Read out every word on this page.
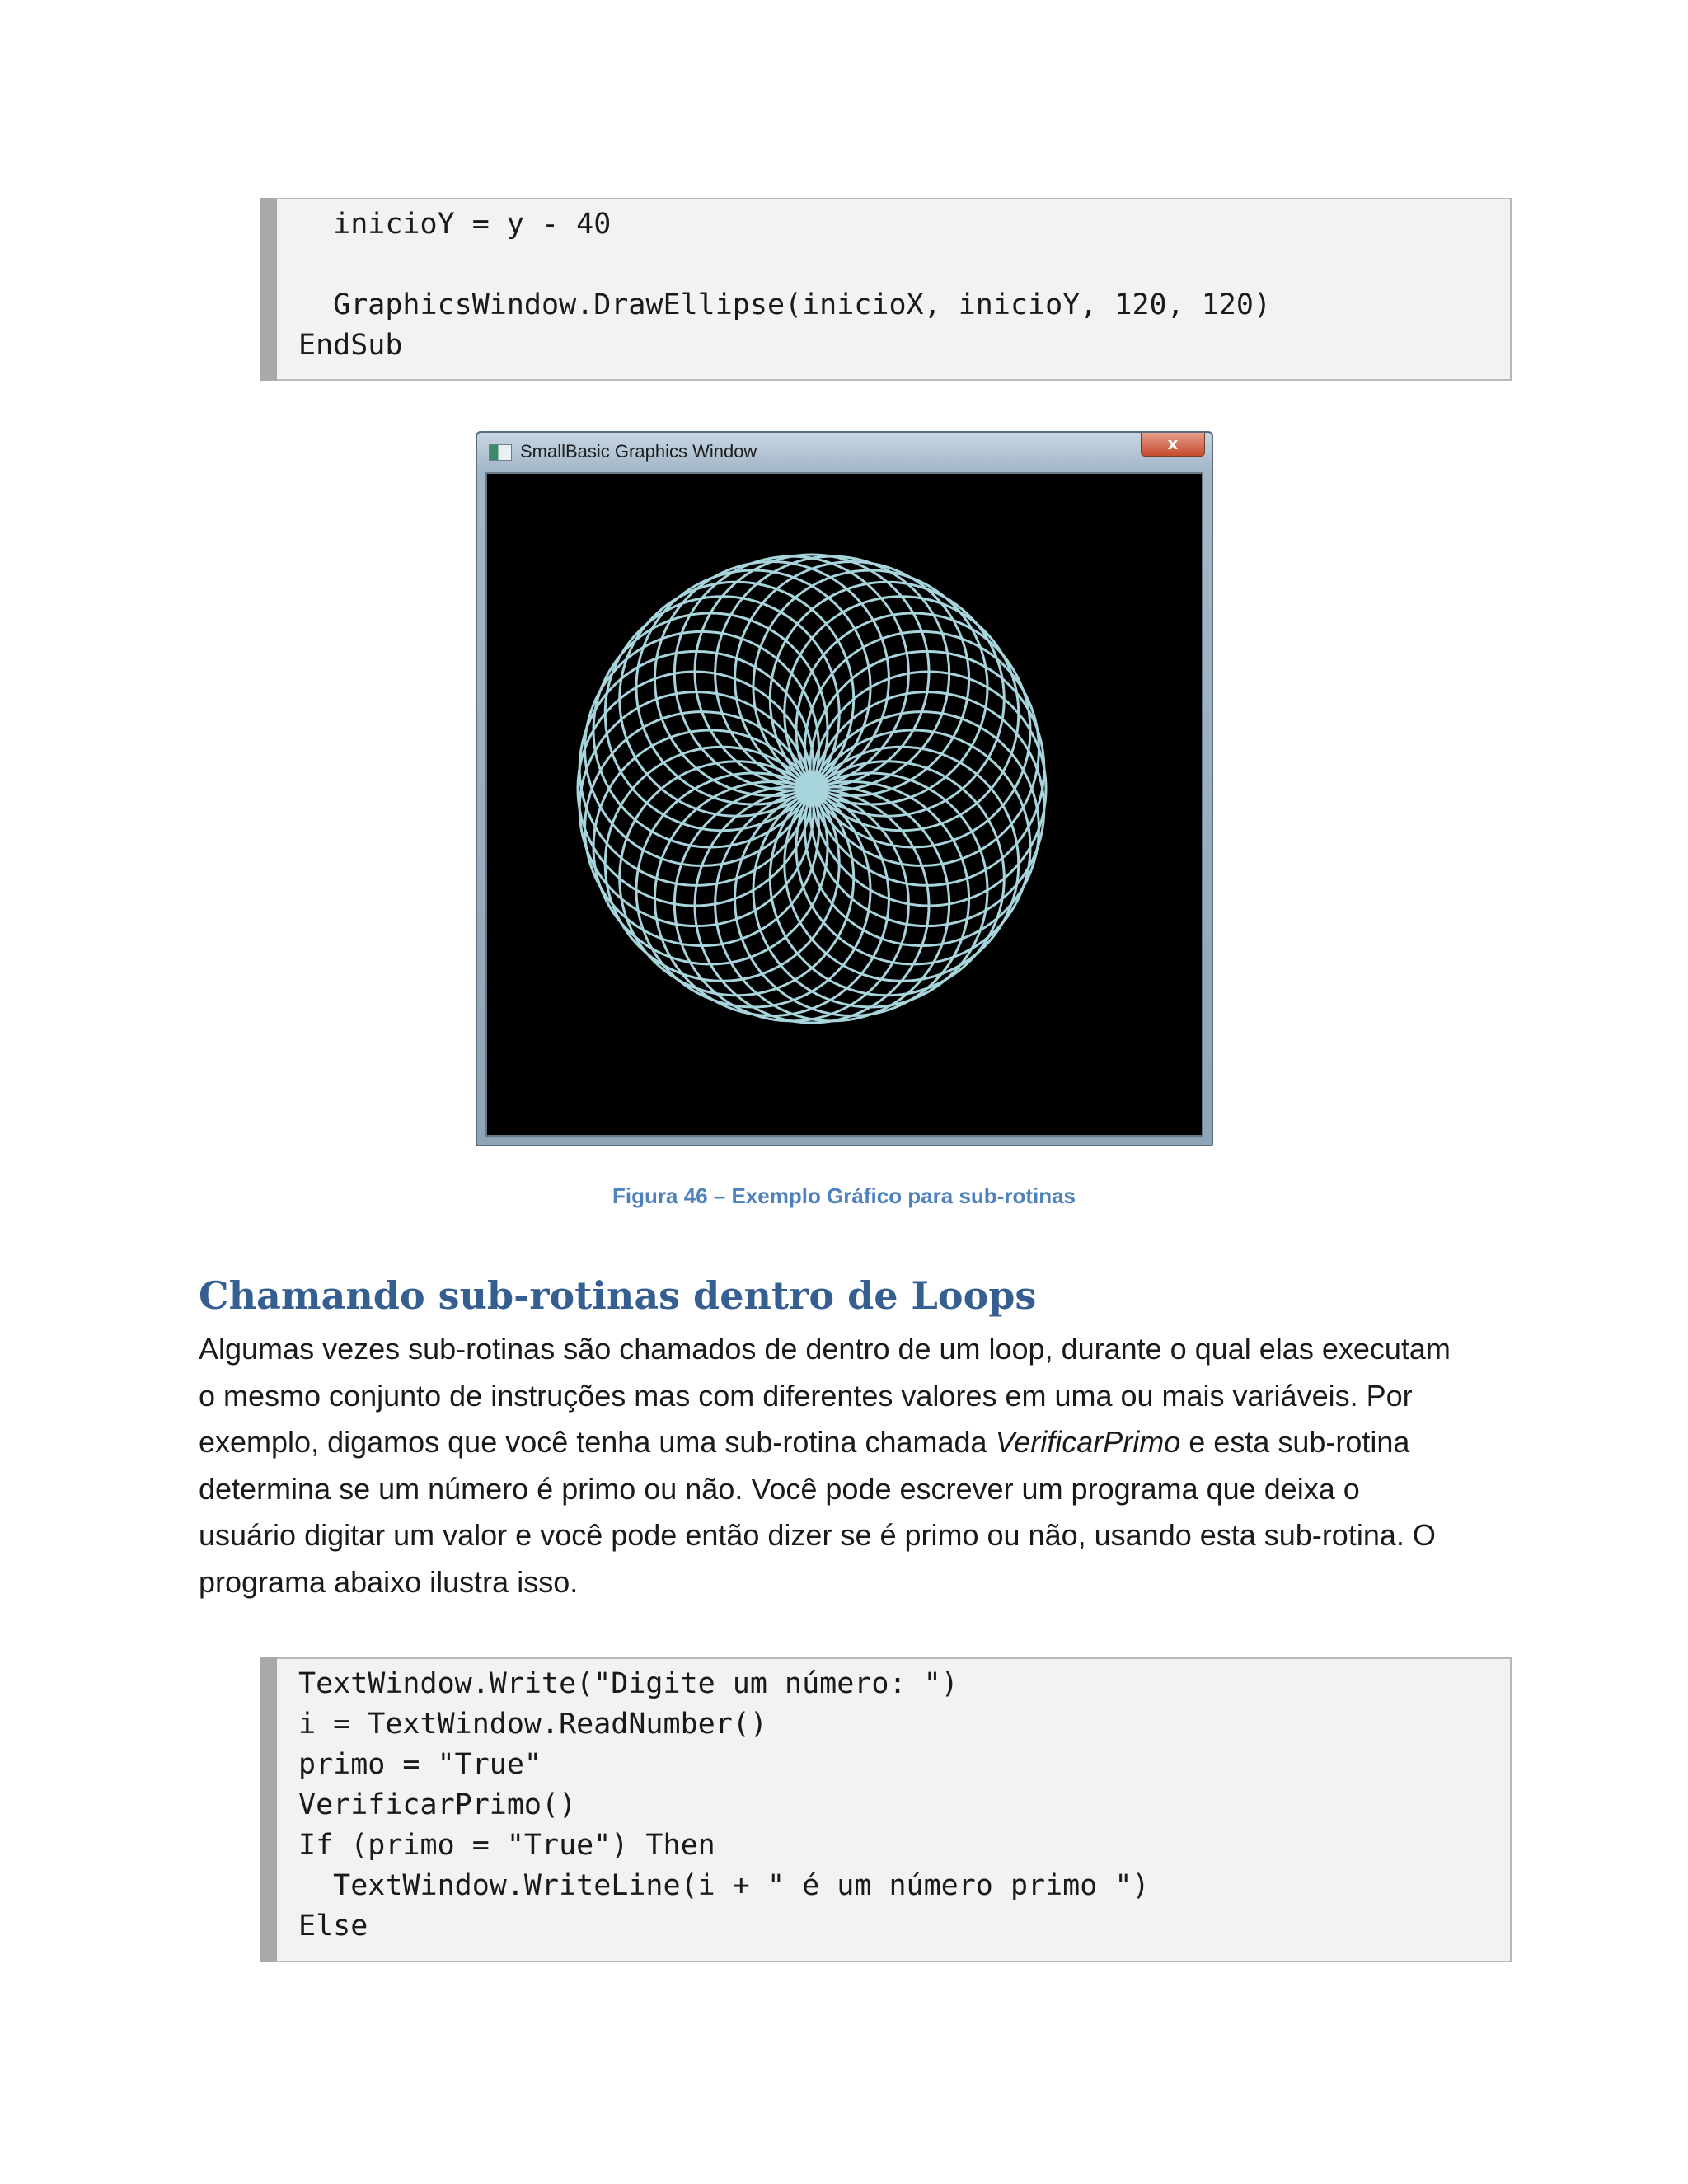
inicioY = y - 40
GraphicsWindow.DrawEllipse(inicioX, inicioY, 120, 120)
EndSub
SmallBasic Graphics Window	x
Figura 46 – Exemplo Gráfico para sub-rotinas
Chamando sub-rotinas dentro de Loops
Algumas vezes sub-rotinas são chamados de dentro de um loop, durante o qual elas executam
o mesmo conjunto de instruções mas com diferentes valores em uma ou mais variáveis. Por
exemplo, digamos que você tenha uma sub-rotina chamada VerificarPrimo e esta sub-rotina
determina se um número é primo ou não. Você pode escrever um programa que deixa o
usuário digitar um valor e você pode então dizer se é primo ou não, usando esta sub-rotina. O
programa abaixo ilustra isso.
TextWindow.Write("Digite um número: ")
i = TextWindow.ReadNumber()
primo = "True"
VerificarPrimo()
If (primo = "True") Then
TextWindow.WriteLine(i + " é um número primo ")
Else
